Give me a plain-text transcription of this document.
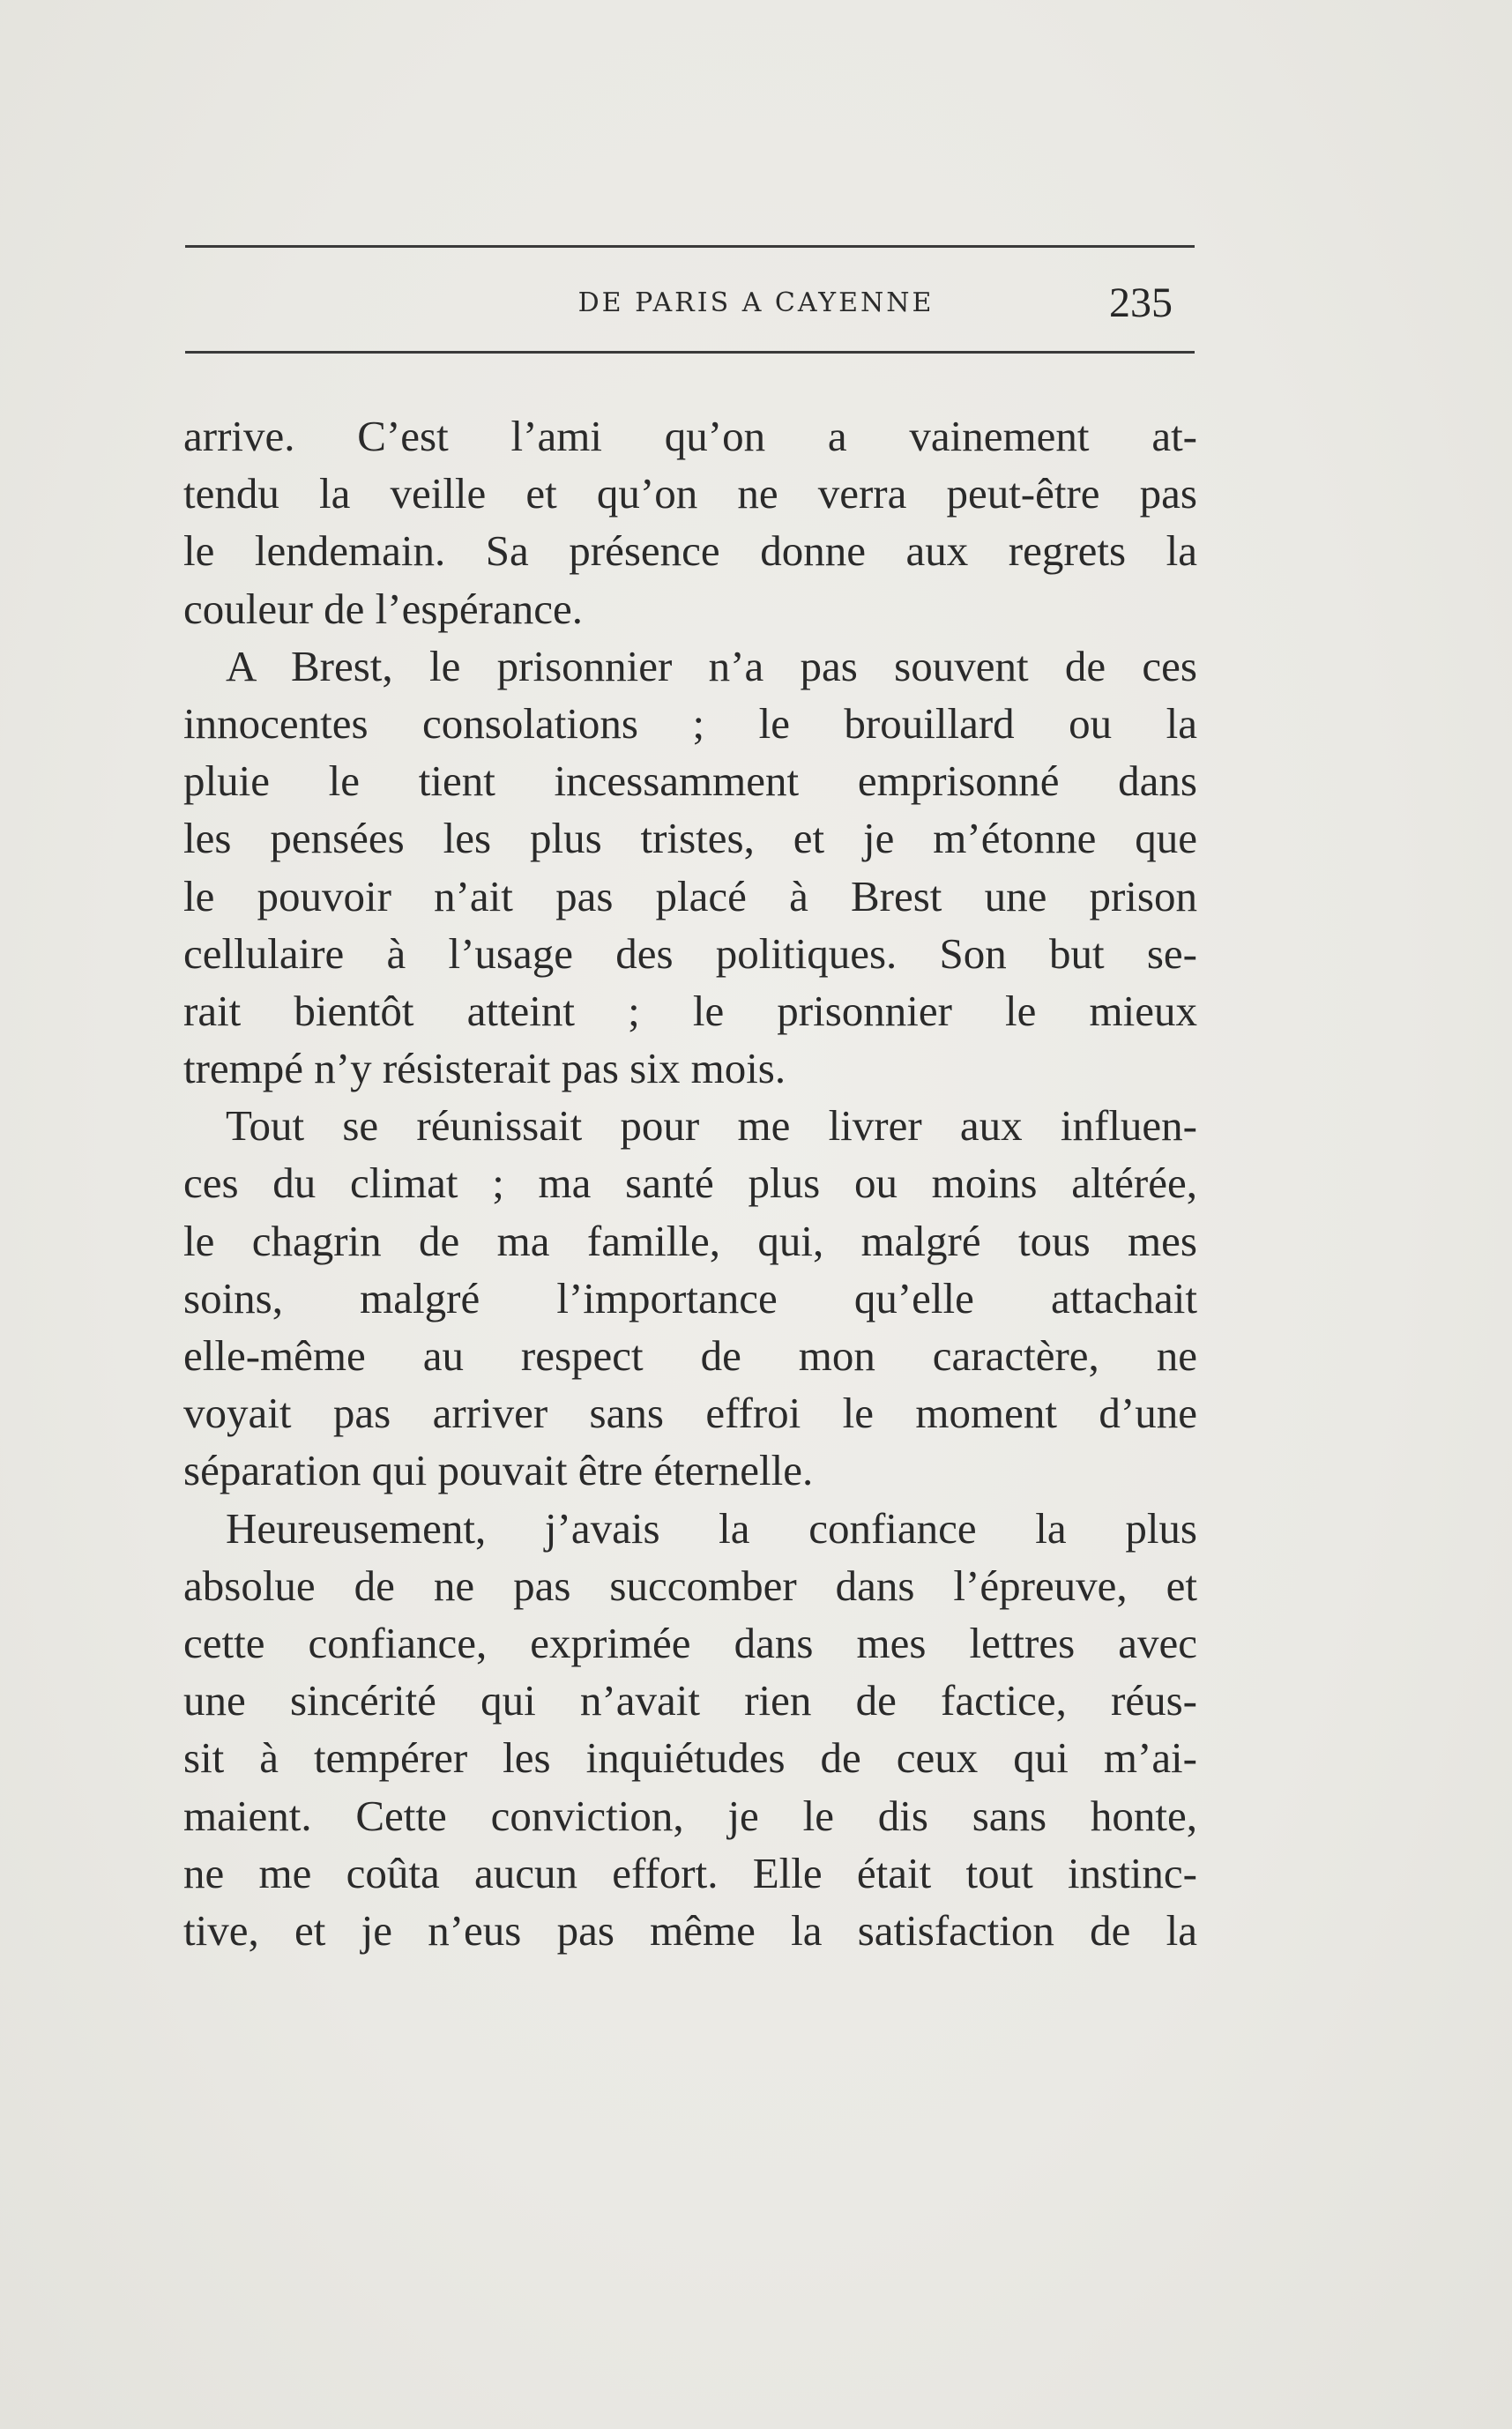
DE PARIS A CAYENNE	235
arrive. C’est l’ami qu’on a vainement at-
tendu la veille et qu’on ne verra peut-être pas
le lendemain. Sa présence donne aux regrets la
couleur de l’espérance.
A Brest, le prisonnier n’a pas souvent de ces
innocentes consolations ; le brouillard ou la
pluie le tient incessamment emprisonné dans
les pensées les plus tristes, et je m’étonne que
le pouvoir n’ait pas placé à Brest une prison
cellulaire à l’usage des politiques. Son but se-
rait bientôt atteint ; le prisonnier le mieux
trempé n’y résisterait pas six mois.
Tout se réunissait pour me livrer aux influen-
ces du climat ; ma santé plus ou moins altérée,
le chagrin de ma famille, qui, malgré tous mes
soins, malgré l’importance qu’elle attachait
elle-même au respect de mon caractère, ne
voyait pas arriver sans effroi le moment d’une
séparation qui pouvait être éternelle.
Heureusement, j’avais la confiance la plus
absolue de ne pas succomber dans l’épreuve, et
cette confiance, exprimée dans mes lettres avec
une sincérité qui n’avait rien de factice, réus-
sit à tempérer les inquiétudes de ceux qui m’ai-
maient. Cette conviction, je le dis sans honte,
ne me coûta aucun effort. Elle était tout instinc-
tive, et je n’eus pas même la satisfaction de la
